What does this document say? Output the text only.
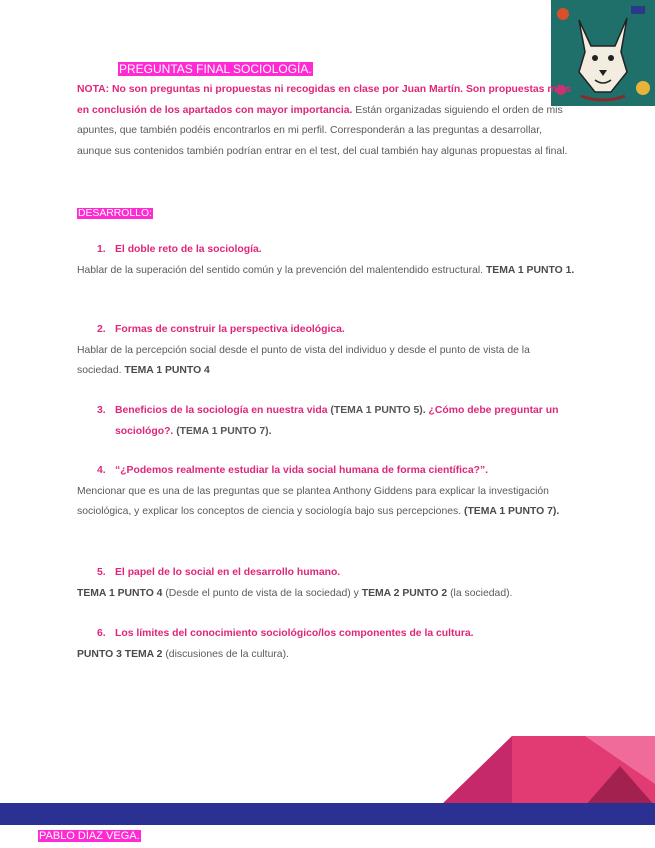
PREGUNTAS FINAL SOCIOLOGÍA.
NOTA: No son preguntas ni propuestas ni recogidas en clase por Juan Martín. Son propuestas mías en conclusión de los apartados con mayor importancia. Están organizadas siguiendo el orden de mis apuntes, que también podéis encontrarlos en mi perfil. Corresponderán a las preguntas a desarrollar, aunque sus contenidos también podrían entrar en el test, del cual también hay algunas propuestas al final.
DESARROLLO:
1. El doble reto de la sociología.
Hablar de la superación del sentido común y la prevención del malentendido estructural. TEMA 1 PUNTO 1.
2. Formas de construir la perspectiva ideológica.
Hablar de la percepción social desde el punto de vista del individuo y desde el punto de vista de la sociedad. TEMA 1 PUNTO 4
3. Beneficios de la sociología en nuestra vida (TEMA 1 PUNTO 5). ¿Cómo debe preguntar un sociológo?. (TEMA 1 PUNTO 7).
4. “¿Podemos realmente estudiar la vida social humana de forma científica?”.
Mencionar que es una de las preguntas que se plantea Anthony Giddens para explicar la investigación sociológica, y explicar los conceptos de ciencia y sociología bajo sus percepciones. (TEMA 1 PUNTO 7).
5. El papel de lo social en el desarrollo humano.
TEMA 1 PUNTO 4 (Desde el punto de vista de la sociedad) y TEMA 2 PUNTO 2 (la sociedad).
6. Los límites del conocimiento sociológico/los componentes de la cultura.
PUNTO 3 TEMA 2 (discusiones de la cultura).
PABLO DÍAZ VEGA.
